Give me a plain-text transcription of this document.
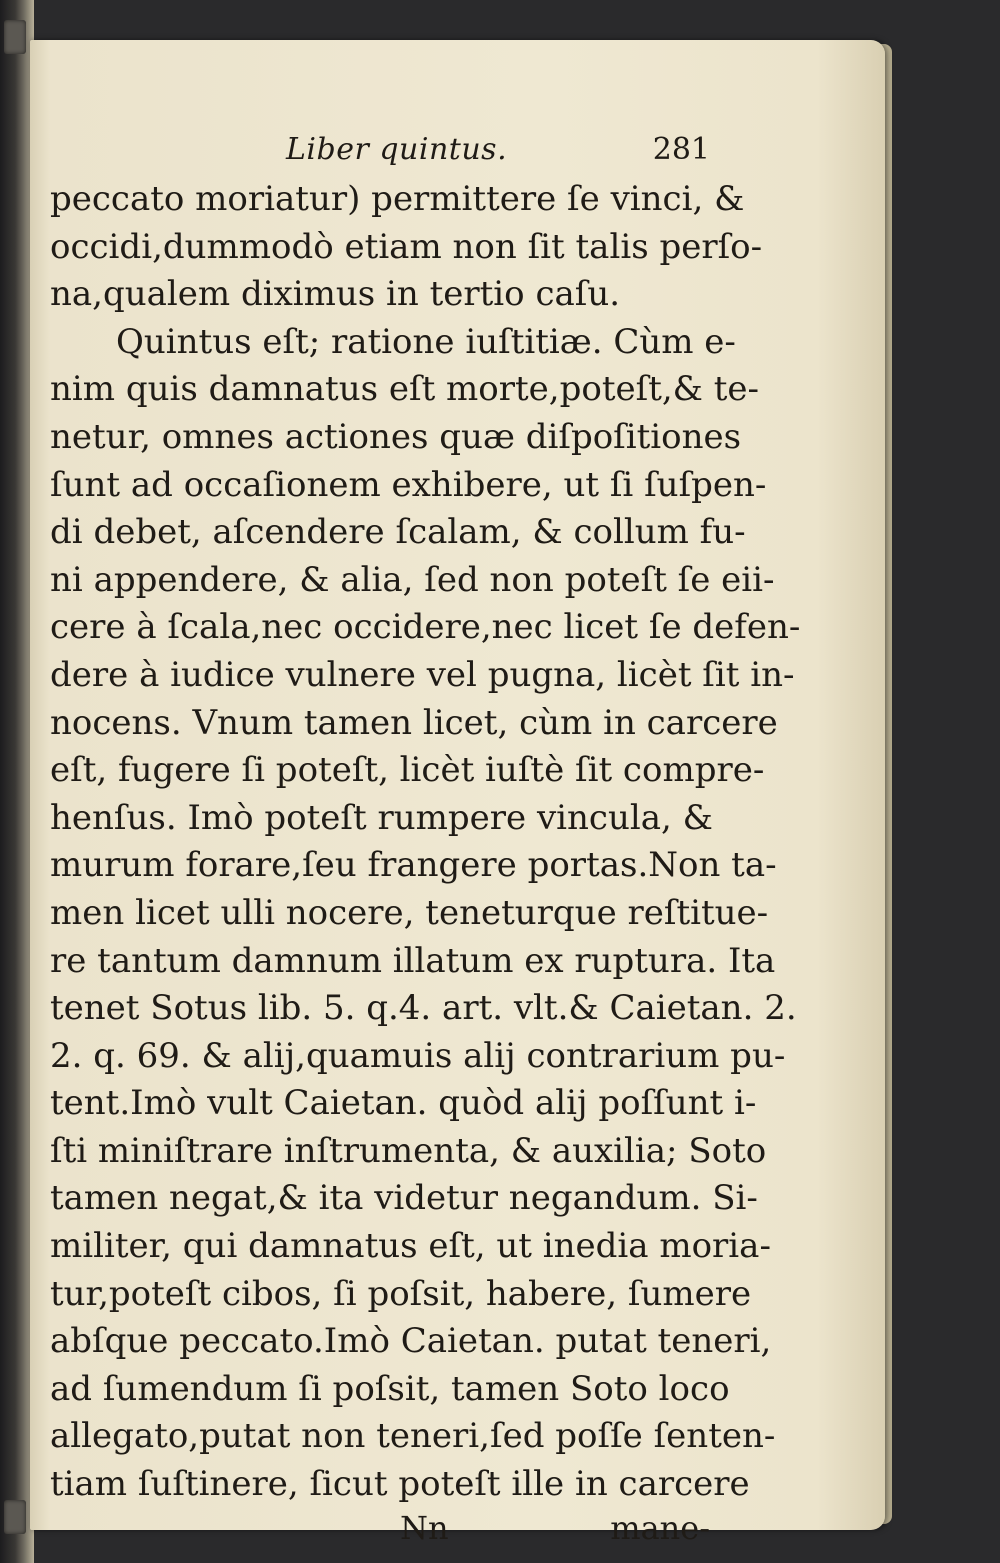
Liber quintus.	281
peccato moriatur) permittere ſe vinci, &
occidi,dummodò etiam non ſit talis perſo-
na,qualem diximus in tertio caſu.
Quintus eſt; ratione iuſtitiæ. Cùm e-
nim quis damnatus eſt morte,poteſt,& te-
netur, omnes actiones quæ diſpoſitiones
ſunt ad occaſionem exhibere, ut ſi ſuſpen-
di debet, aſcendere ſcalam, & collum fu-
ni appendere, & alia, ſed non poteſt ſe eii-
cere à ſcala,nec occidere,nec licet ſe defen-
dere à iudice vulnere vel pugna, licèt ſit in-
nocens. Vnum tamen licet, cùm in carcere
eſt, fugere ſi poteſt, licèt iuſtè ſit compre-
henſus. Imò poteſt rumpere vincula, &
murum forare,ſeu frangere portas.Non ta-
men licet ulli nocere, teneturque reſtitue-
re tantum damnum illatum ex ruptura. Ita
tenet Sotus lib. 5. q.4. art. vlt.& Caietan. 2.
2. q. 69. & alij,quamuis alij contrarium pu-
tent.Imò vult Caietan. quòd alij poſſunt i-
ſti miniſtrare inſtrumenta, & auxilia; Soto
tamen negat,& ita videtur negandum. Si-
militer, qui damnatus eſt, ut inedia moria-
tur,poteſt cibos, ſi poſsit, habere, ſumere
abſque peccato.Imò Caietan. putat teneri,
ad ſumendum ſi poſsit, tamen Soto loco
allegato,putat non teneri,ſed poſſe ſenten-
tiam ſuſtinere, ſicut poteſt ille in carcere
Nn	mane-
